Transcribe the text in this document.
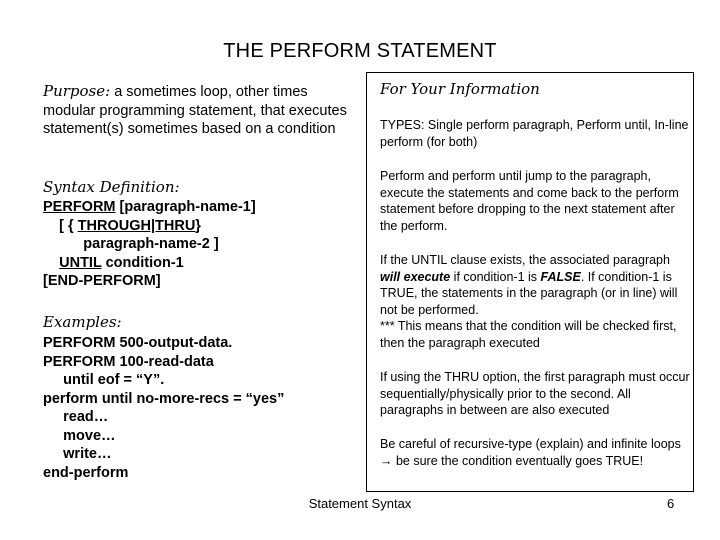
THE PERFORM STATEMENT
Purpose: a sometimes loop, other times modular programming statement, that executes statement(s) sometimes based on a condition
Syntax Definition:
PERFORM [paragraph-name-1]
[ { THROUGH|THRU}
paragraph-name-2 ]
UNTIL condition-1
[END-PERFORM]
Examples:
PERFORM 500-output-data.
PERFORM 100-read-data
until eof = “Y”.
perform until no-more-recs = “yes”
read…
move…
write…
end-perform
For Your Information
TYPES: Single perform paragraph, Perform until, In-line perform (for both)
Perform and perform until jump to the paragraph, execute the statements and come back to the perform statement before dropping to the next statement after the perform.
If the UNTIL clause exists, the associated paragraph will execute if condition-1 is FALSE. If condition-1 is TRUE, the statements in the paragraph (or in line) will not be performed.
*** This means that the condition will be checked first, then the paragraph executed
If using the THRU option, the first paragraph must occur sequentially/physically prior to the second. All paragraphs in between are also executed
Be careful of recursive-type (explain) and infinite loops → be sure the condition eventually goes TRUE!
Statement Syntax	6
